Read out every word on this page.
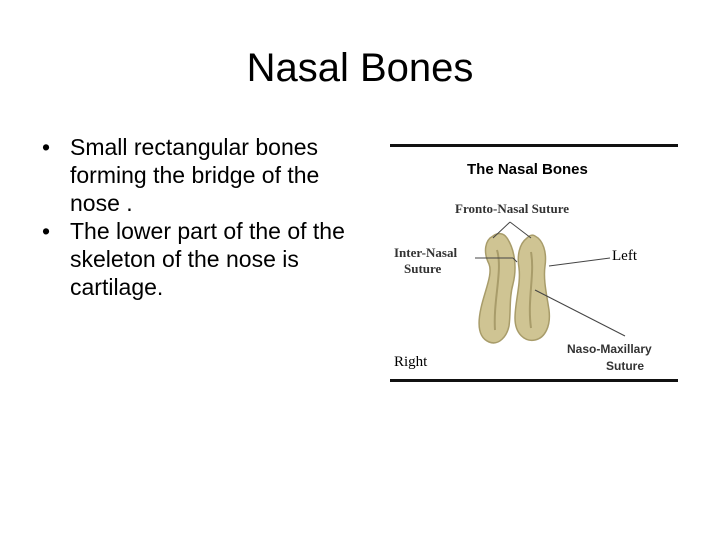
Nasal Bones
• Small rectangular bones forming the bridge of the nose .
• The lower part of the of the skeleton of the nose is cartilage.
The Nasal Bones
Fronto-Nasal Suture
Inter-Nasal
Suture
Left
Right
Naso-Maxillary
Suture
